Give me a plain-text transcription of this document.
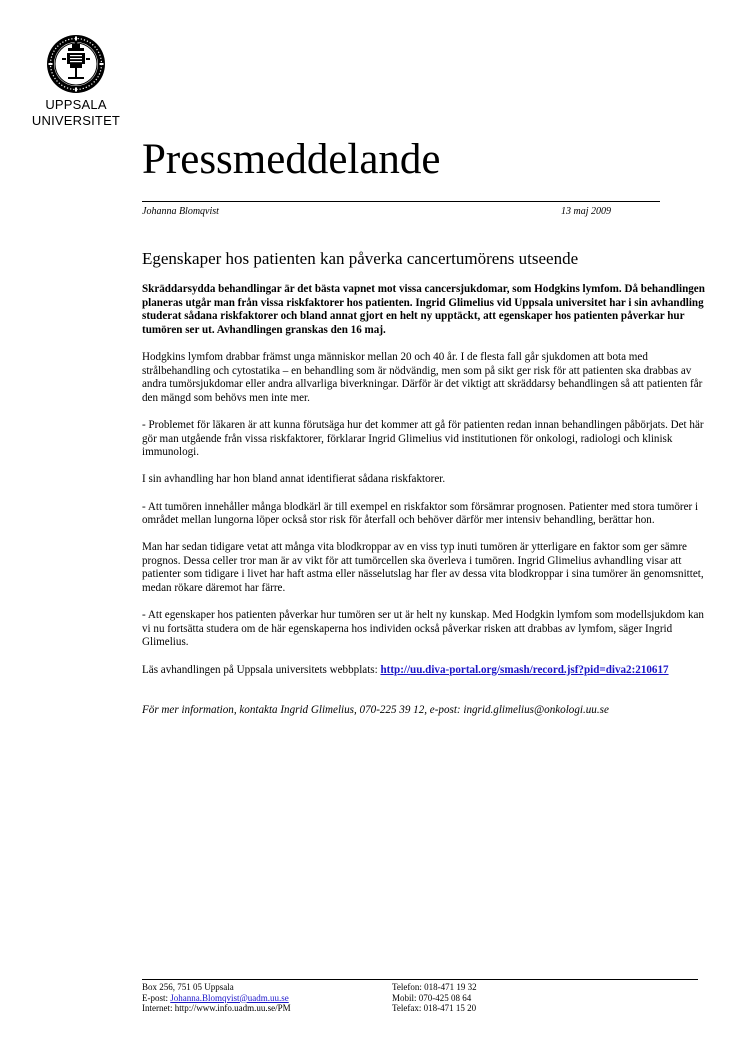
UPPSALA
UNIVERSITET
Pressmeddelande
Johanna Blomqvist	13 maj 2009
Egenskaper hos patienten kan påverka cancertumörens utseende

Skräddarsydda behandlingar är det bästa vapnet mot vissa cancersjukdomar, som Hodgkins lymfom. Då behandlingen planeras utgår man från vissa riskfaktorer hos patienten. Ingrid Glimelius vid Uppsala universitet har i sin avhandling studerat sådana riskfaktorer och bland annat gjort en helt ny upptäckt, att egenskaper hos patienten påverkar hur tumören ser ut. Avhandlingen granskas den 16 maj.

Hodgkins lymfom drabbar främst unga människor mellan 20 och 40 år. I de flesta fall går sjukdomen att bota med strålbehandling och cytostatika – en behandling som är nödvändig, men som på sikt ger risk för att patienten ska drabbas av andra tumörsjukdomar eller andra allvarliga biverkningar. Därför är det viktigt att skräddarsy behandlingen så att patienten får den mängd som behövs men inte mer.

- Problemet för läkaren är att kunna förutsäga hur det kommer att gå för patienten redan innan behandlingen påbörjats. Det här gör man utgående från vissa riskfaktorer, förklarar Ingrid Glimelius vid institutionen för onkologi, radiologi och klinisk immunologi.

I sin avhandling har hon bland annat identifierat sådana riskfaktorer.

- Att tumören innehåller många blodkärl är till exempel en riskfaktor som försämrar prognosen. Patienter med stora tumörer i området mellan lungorna löper också stor risk för återfall och behöver därför mer intensiv behandling, berättar hon.

Man har sedan tidigare vetat att många vita blodkroppar av en viss typ inuti tumören är ytterligare en faktor som ger sämre prognos. Dessa celler tror man är av vikt för att tumörcellen ska överleva i tumören. Ingrid Glimelius avhandling visar att patienter som tidigare i livet har haft astma eller nässelutslag har fler av dessa vita blodkroppar i sina tumörer än genomsnittet, medan rökare däremot har färre.

- Att egenskaper hos patienten påverkar hur tumören ser ut är helt ny kunskap. Med Hodgkin lymfom som modellsjukdom kan vi nu fortsätta studera om de här egenskaperna hos individen också påverkar risken att drabbas av lymfom, säger Ingrid Glimelius.

Läs avhandlingen på Uppsala universitets webbplats: http://uu.diva-portal.org/smash/record.jsf?pid=diva2:210617

För mer information, kontakta Ingrid Glimelius, 070-225 39 12, e-post: ingrid.glimelius@onkologi.uu.se

Box 256, 751 05 Uppsala
E-post: Johanna.Blomqvist@uadm.uu.se
Internet: http://www.info.uadm.uu.se/PM
Telefon: 018-471 19 32
Mobil: 070-425 08 64
Telefax: 018-471 15 20
